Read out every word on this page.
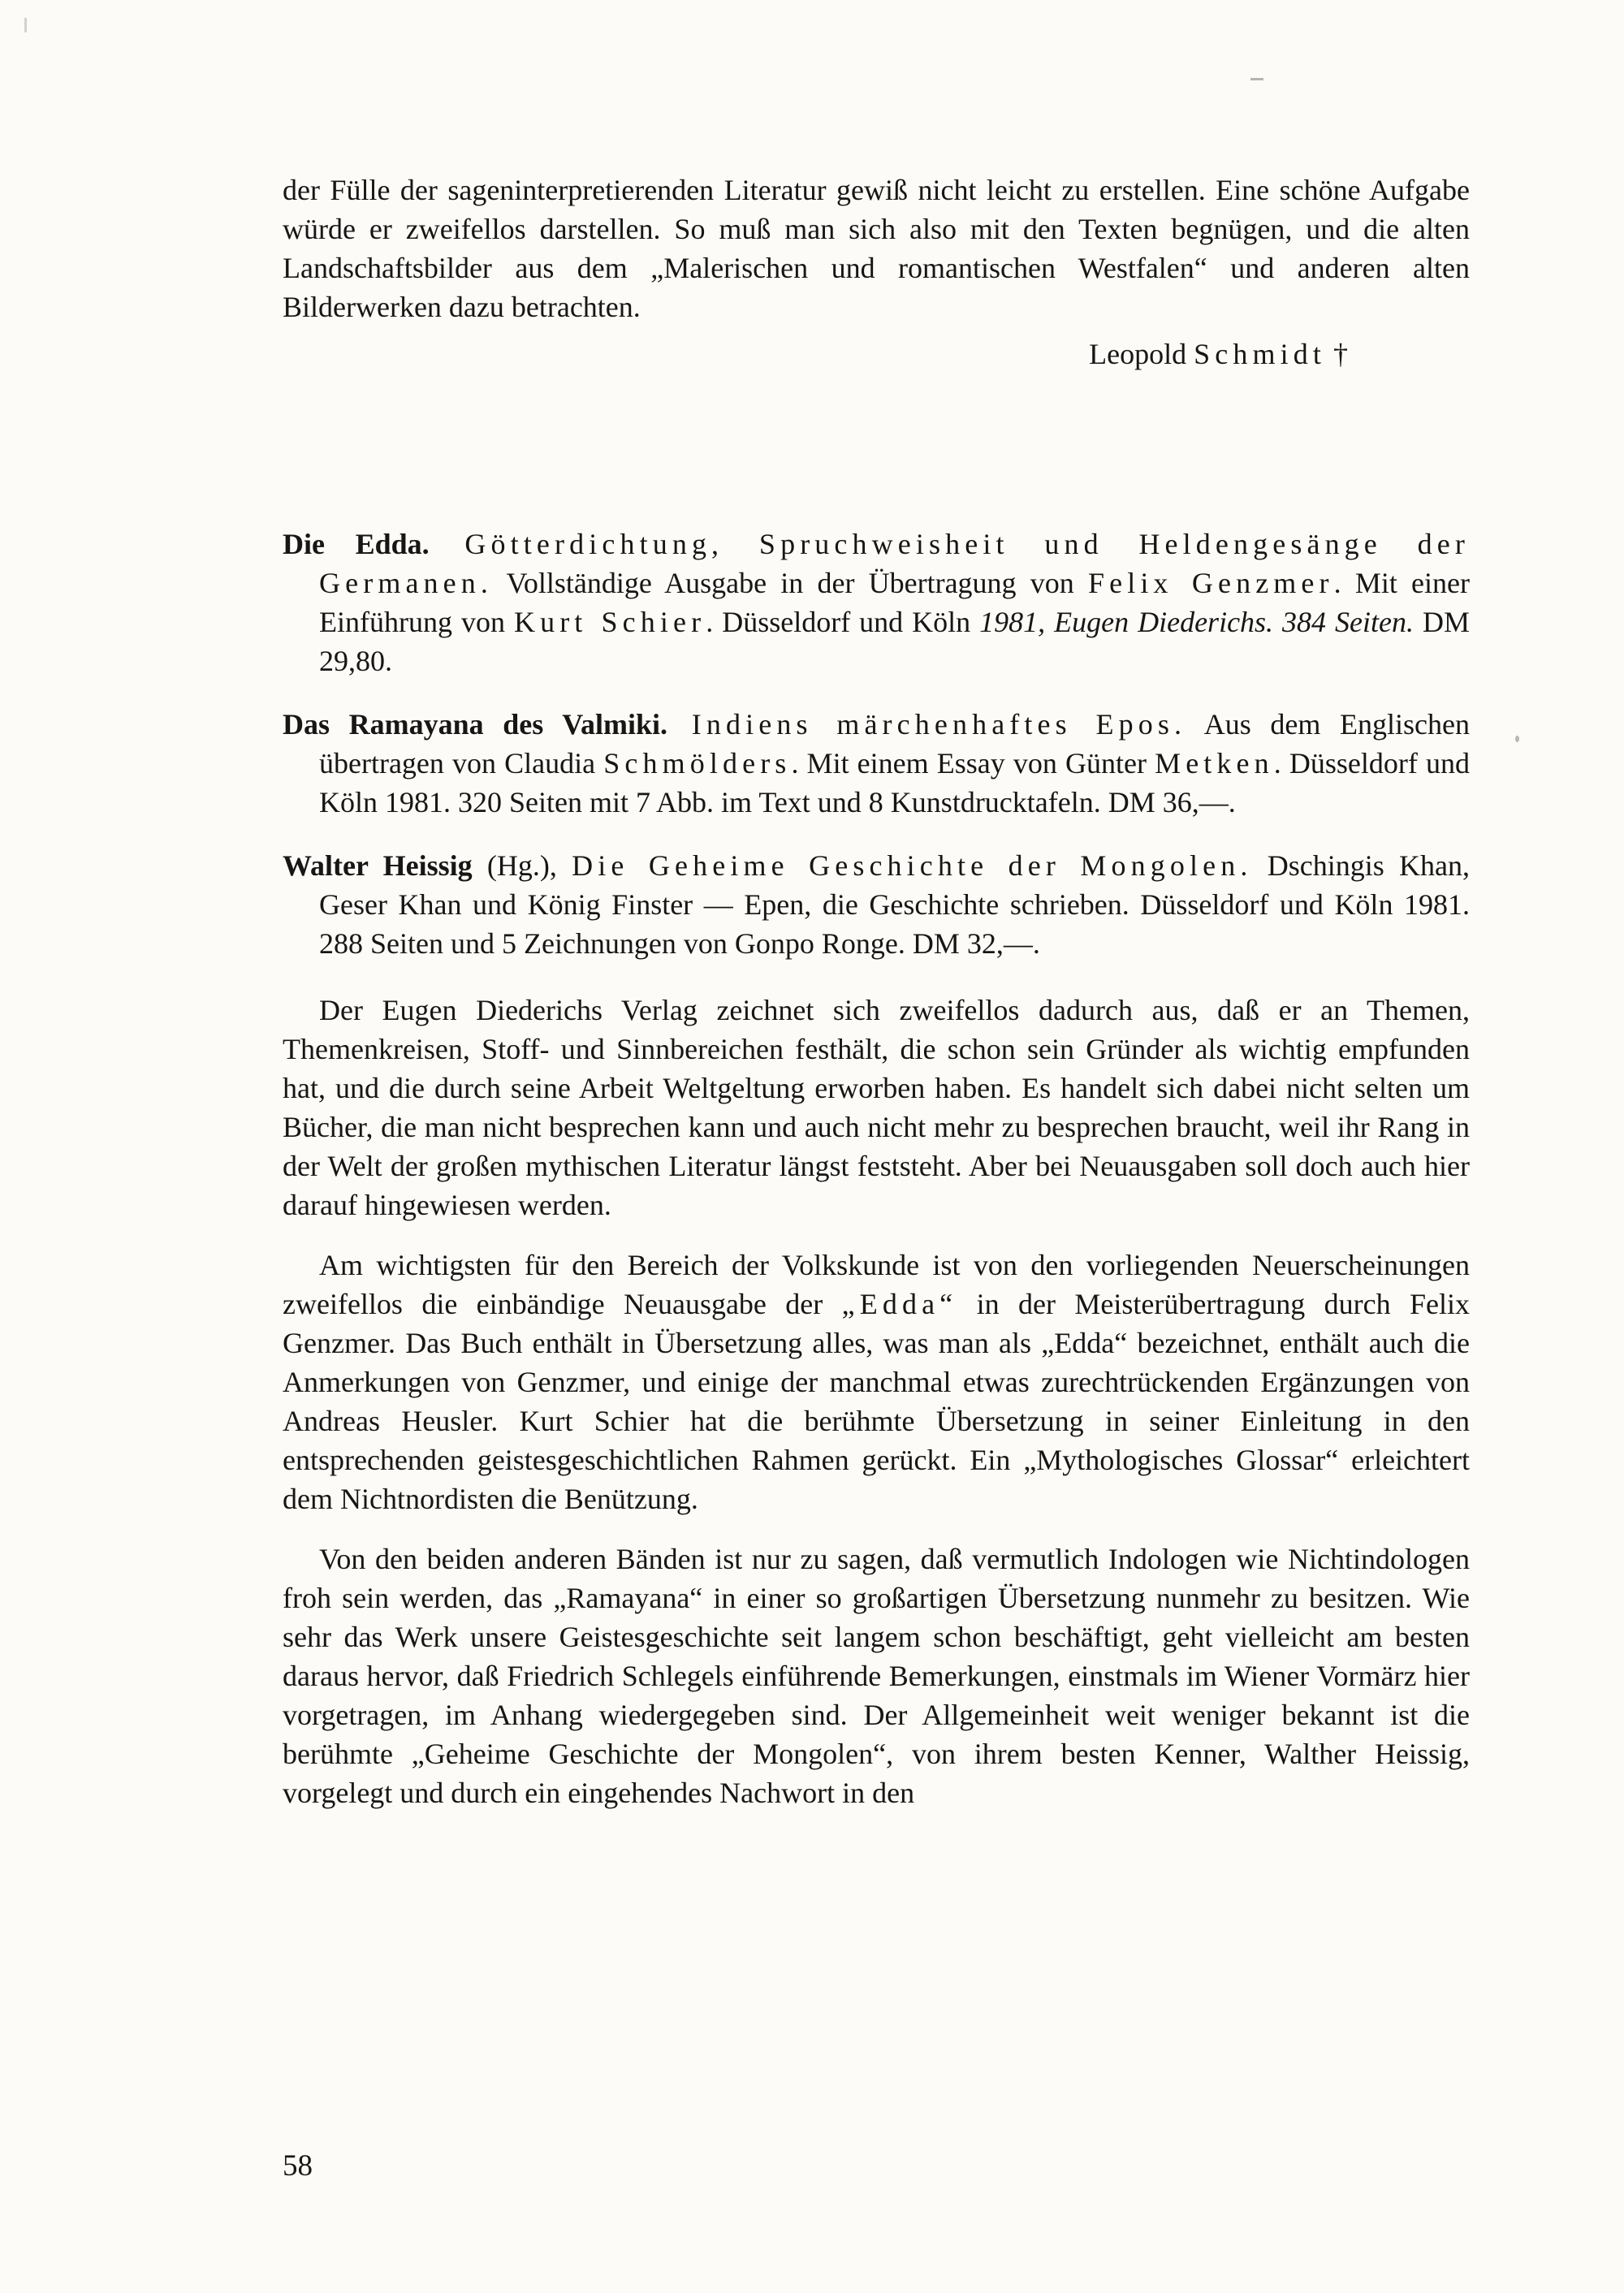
der Fülle der sageninterpretierenden Literatur gewiß nicht leicht zu erstellen. Eine schöne Aufgabe würde er zweifellos darstellen. So muß man sich also mit den Texten begnügen, und die alten Landschaftsbilder aus dem „Malerischen und romantischen Westfalen“ und anderen alten Bilderwerken dazu betrachten.

Leopold Schmidt †

Die Edda. Götterdichtung, Spruchweisheit und Heldengesänge der Germanen. Vollständige Ausgabe in der Übertragung von Felix Genzmer. Mit einer Einführung von Kurt Schier. Düsseldorf und Köln 1981, Eugen Diederichs. 384 Seiten. DM 29,80.

Das Ramayana des Valmiki. Indiens märchenhaftes Epos. Aus dem Englischen übertragen von Claudia Schmölders. Mit einem Essay von Günter Metken. Düsseldorf und Köln 1981. 320 Seiten mit 7 Abb. im Text und 8 Kunstdrucktafeln. DM 36,—.

Walter Heissig (Hg.), Die Geheime Geschichte der Mongolen. Dschingis Khan, Geser Khan und König Finster — Epen, die Geschichte schrieben. Düsseldorf und Köln 1981. 288 Seiten und 5 Zeichnungen von Gonpo Ronge. DM 32,—.

Der Eugen Diederichs Verlag zeichnet sich zweifellos dadurch aus, daß er an Themen, Themenkreisen, Stoff- und Sinnbereichen festhält, die schon sein Gründer als wichtig empfunden hat, und die durch seine Arbeit Weltgeltung erworben haben. Es handelt sich dabei nicht selten um Bücher, die man nicht besprechen kann und auch nicht mehr zu besprechen braucht, weil ihr Rang in der Welt der großen mythischen Literatur längst feststeht. Aber bei Neuausgaben soll doch auch hier darauf hingewiesen werden.

Am wichtigsten für den Bereich der Volkskunde ist von den vorliegenden Neuerscheinungen zweifellos die einbändige Neuausgabe der „Edda“ in der Meisterübertragung durch Felix Genzmer. Das Buch enthält in Übersetzung alles, was man als „Edda“ bezeichnet, enthält auch die Anmerkungen von Genzmer, und einige der manchmal etwas zurechtrückenden Ergänzungen von Andreas Heusler. Kurt Schier hat die berühmte Übersetzung in seiner Einleitung in den entsprechenden geistesgeschichtlichen Rahmen gerückt. Ein „Mythologisches Glossar“ erleichtert dem Nichtnordisten die Benützung.

Von den beiden anderen Bänden ist nur zu sagen, daß vermutlich Indologen wie Nichtindologen froh sein werden, das „Ramayana“ in einer so großartigen Übersetzung nunmehr zu besitzen. Wie sehr das Werk unsere Geistesgeschichte seit langem schon beschäftigt, geht vielleicht am besten daraus hervor, daß Friedrich Schlegels einführende Bemerkungen, einstmals im Wiener Vormärz hier vorgetragen, im Anhang wiedergegeben sind. Der Allgemeinheit weit weniger bekannt ist die berühmte „Geheime Geschichte der Mongolen“, von ihrem besten Kenner, Walther Heissig, vorgelegt und durch ein eingehendes Nachwort in den

58
